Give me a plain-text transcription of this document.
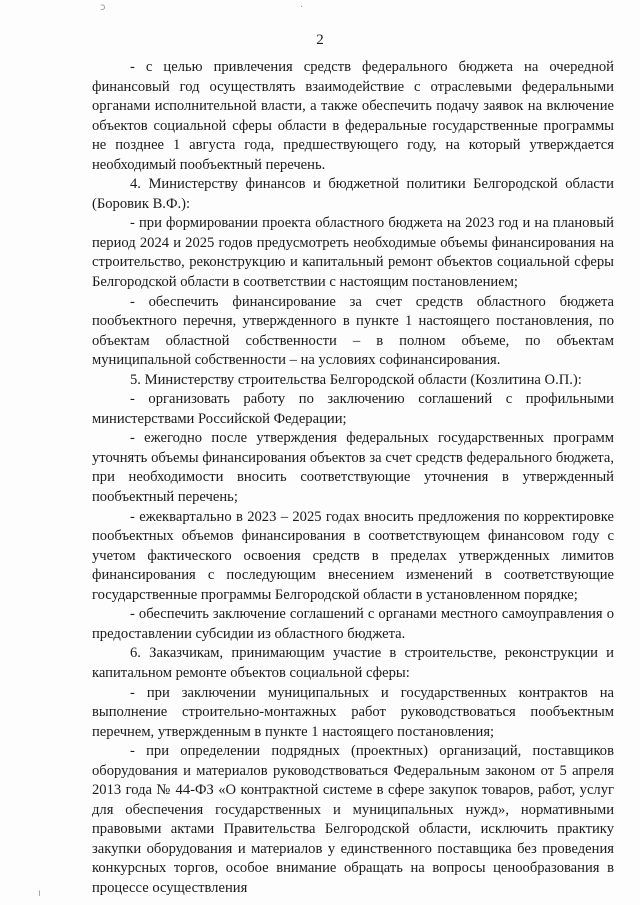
ɔ	·
2

- с целью привлечения средств федерального бюджета на очередной финансовый год осуществлять взаимодействие с отраслевыми федеральными органами исполнительной власти, а также обеспечить подачу заявок на включение объектов социальной сферы области в федеральные государственные программы не позднее 1 августа года, предшествующего году, на который утверждается необходимый пообъектный перечень.

4. Министерству финансов и бюджетной политики Белгородской области (Боровик В.Ф.):

- при формировании проекта областного бюджета на 2023 год и на плановый период 2024 и 2025 годов предусмотреть необходимые объемы финансирования на строительство, реконструкцию и капитальный ремонт объектов социальной сферы Белгородской области в соответствии с настоящим постановлением;

- обеспечить финансирование за счет средств областного бюджета пообъектного перечня, утвержденного в пункте 1 настоящего постановления, по объектам областной собственности – в полном объеме, по объектам муниципальной собственности – на условиях софинансирования.

5. Министерству строительства Белгородской области (Козлитина О.П.):

- организовать работу по заключению соглашений с профильными министерствами Российской Федерации;

- ежегодно после утверждения федеральных государственных программ уточнять объемы финансирования объектов за счет средств федерального бюджета, при необходимости вносить соответствующие уточнения в утвержденный пообъектный перечень;

- ежеквартально в 2023 – 2025 годах вносить предложения по корректировке пообъектных объемов финансирования в соответствующем финансовом году с учетом фактического освоения средств в пределах утвержденных лимитов финансирования с последующим внесением изменений в соответствующие государственные программы Белгородской области в установленном порядке;

- обеспечить заключение соглашений с органами местного самоуправления о предоставлении субсидии из областного бюджета.

6. Заказчикам, принимающим участие в строительстве, реконструкции и капитальном ремонте объектов социальной сферы:

- при заключении муниципальных и государственных контрактов на выполнение строительно-монтажных работ руководствоваться пообъектным перечнем, утвержденным в пункте 1 настоящего постановления;

- при определении подрядных (проектных) организаций, поставщиков оборудования и материалов руководствоваться Федеральным законом от 5 апреля 2013 года № 44-ФЗ «О контрактной системе в сфере закупок товаров, работ, услуг для обеспечения государственных и муниципальных нужд», нормативными правовыми актами Правительства Белгородской области, исключить практику закупки оборудования и материалов у единственного поставщика без проведения конкурсных торгов, особое внимание обращать на вопросы ценообразования в процессе осуществления

ı
